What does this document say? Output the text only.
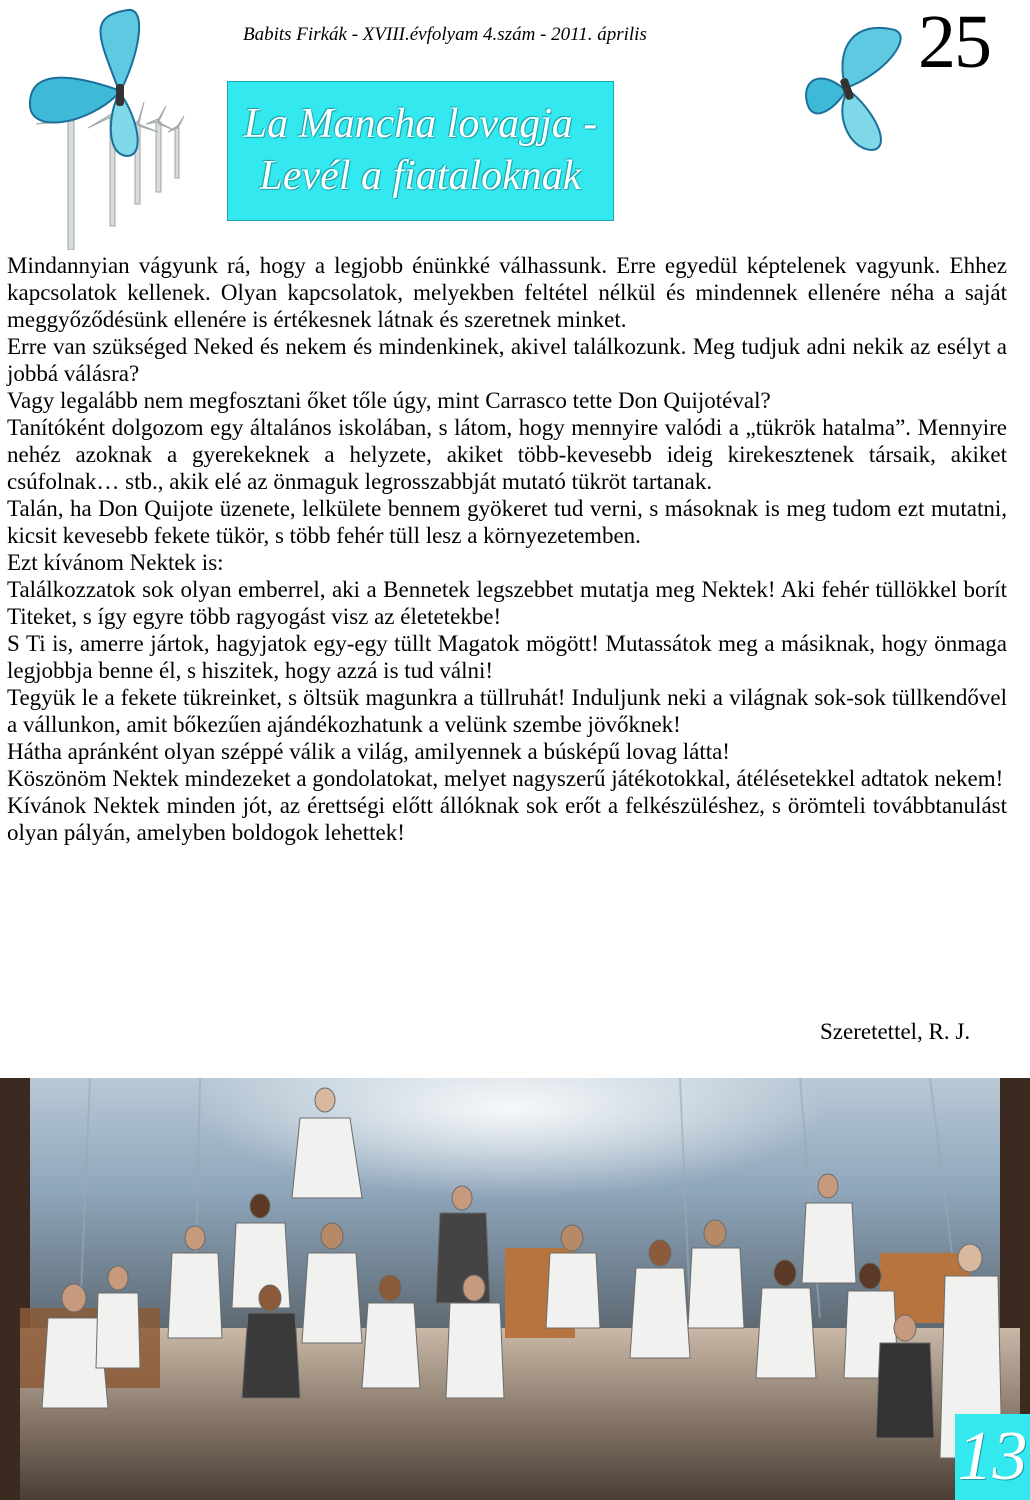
Babits Firkák - XVIII.évfolyam 4.szám - 2011. április	25
La Mancha lovagja -
Levél a fiataloknak

Mindannyian vágyunk rá, hogy a legjobb énünkké válhassunk. Erre egyedül képtelenek vagyunk. Ehhez kapcsolatok kellenek. Olyan kapcsolatok, melyekben feltétel nélkül és mindennek ellenére néha a saját meggyőződésünk ellenére is értékesnek látnak és szeretnek minket.

Erre van szükséged Neked és nekem és mindenkinek, akivel találkozunk. Meg tudjuk adni nekik az esélyt a jobbá válásra?

Vagy legalább nem megfosztani őket tőle úgy, mint Carrasco tette Don Quijotéval?

Tanítóként dolgozom egy általános iskolában, s látom, hogy mennyire valódi a „tükrök hatalma”. Mennyire nehéz azoknak a gyerekeknek a helyzete, akiket több-kevesebb ideig kirekesztenek társaik, akiket csúfolnak… stb., akik elé az önmaguk legrosszabbját mutató tükröt tartanak.

Talán, ha Don Quijote üzenete, lelkülete bennem gyökeret tud verni, s másoknak is meg tudom ezt mutatni, kicsit kevesebb fekete tükör, s több fehér tüll lesz a környezetemben.

Ezt kívánom Nektek is:

Találkozzatok sok olyan emberrel, aki a Bennetek legszebbet mutatja meg Nektek! Aki fehér tüllökkel borít Titeket, s így egyre több ragyogást visz az életetekbe!

S Ti is, amerre jártok, hagyjatok egy-egy tüllt Magatok mögött! Mutassátok meg a másiknak, hogy önmaga legjobbja benne él, s hiszitek, hogy azzá is tud válni!

Tegyük le a fekete tükreinket, s öltsük magunkra a tüllruhát! Induljunk neki a világnak sok-sok tüllkendővel a vállunkon, amit bőkezűen ajándékozhatunk a velünk szembe jövőknek!

Hátha apránként olyan széppé válik a világ, amilyennek a búsképű lovag látta!

Köszönöm Nektek mindezeket a gondolatokat, melyet nagyszerű játékotokkal, átélésetekkel adtatok nekem!

Kívánok Nektek minden jót, az érettségi előtt állóknak sok erőt a felkészüléshez, s örömteli továbbtanulást olyan pályán, amelyben boldogok lehettek!

Szeretettel, R. J.
13
